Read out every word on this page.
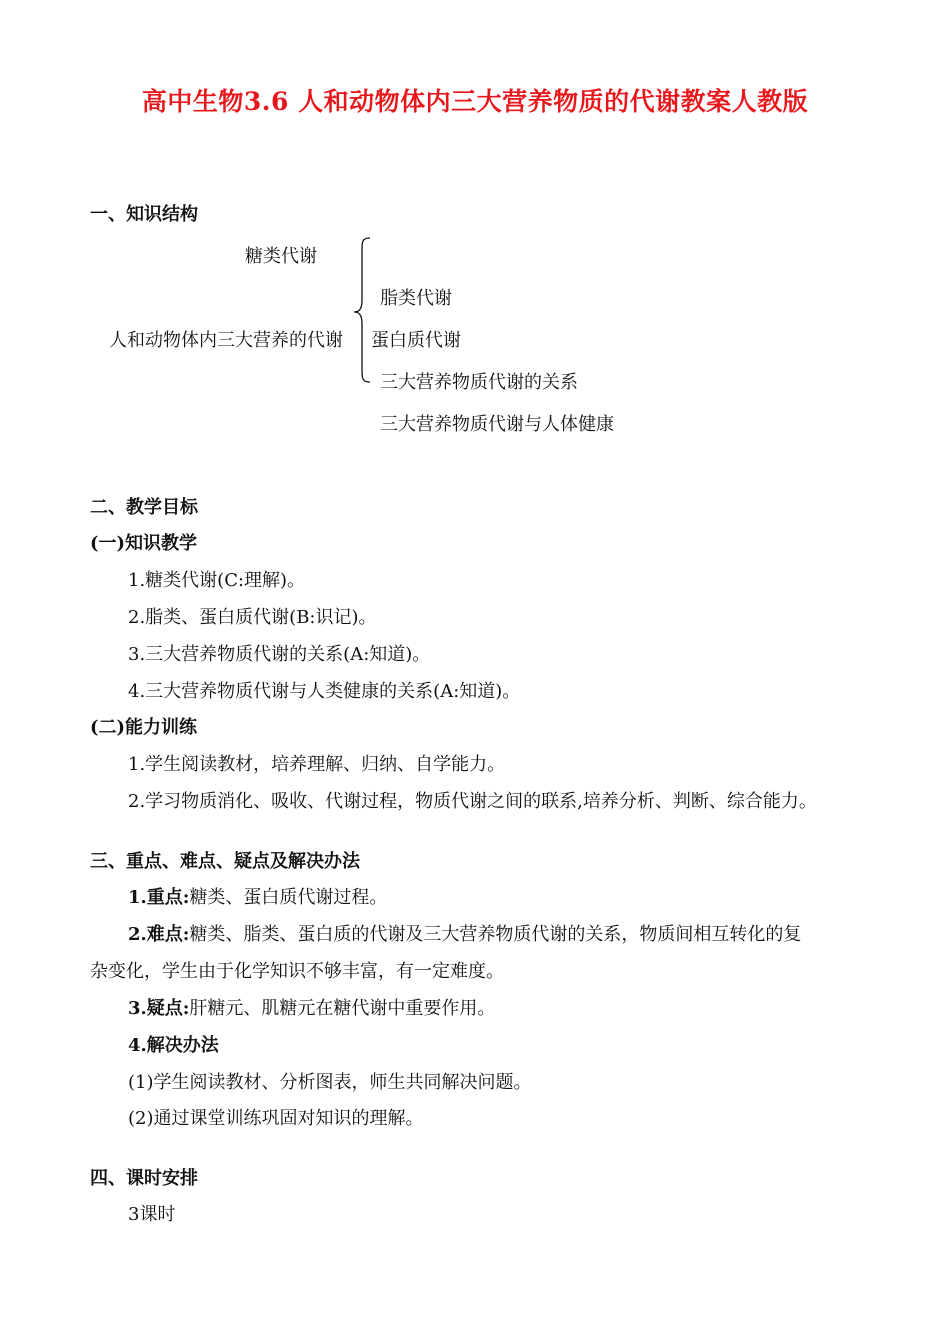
高中生物3.6 人和动物体内三大营养物质的代谢教案人教版
一、知识结构
糖类代谢
脂类代谢
人和动物体内三大营养的代谢 蛋白质代谢
三大营养物质代谢的关系
三大营养物质代谢与人体健康
二、教学目标
(一)知识教学
1.糖类代谢(C:理解)。
2.脂类、蛋白质代谢(B:识记)。
3.三大营养物质代谢的关系(A:知道)。
4.三大营养物质代谢与人类健康的关系(A:知道)。
(二)能力训练
1.学生阅读教材，培养理解、归纳、自学能力。
2.学习物质消化、吸收、代谢过程，物质代谢之间的联系,培养分析、判断、综合能力。
三、重点、难点、疑点及解决办法
1.重点:糖类、蛋白质代谢过程。
2.难点:糖类、脂类、蛋白质的代谢及三大营养物质代谢的关系，物质间相互转化的复
杂变化，学生由于化学知识不够丰富，有一定难度。
3.疑点:肝糖元、肌糖元在糖代谢中重要作用。
4.解决办法
(1)学生阅读教材、分析图表，师生共同解决问题。
(2)通过课堂训练巩固对知识的理解。
四、课时安排
3课时
